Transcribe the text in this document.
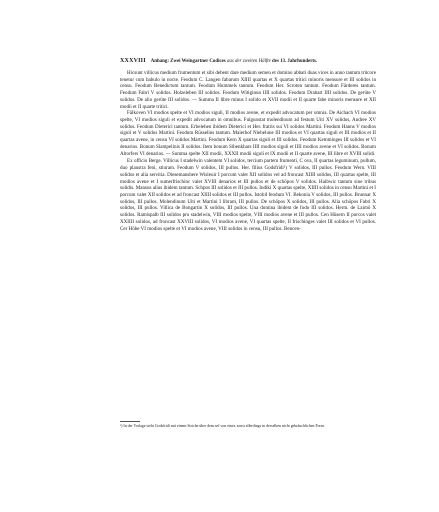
XXXVIII Anhang: Zwei Weingartner Codices aus der zweiten Hälfte des 13. Jahrhunderts.

Hicsunt villicus medium frumentum et sibi debent dare medium semen et domino abbati duas vices in anno tantum tritcore tenetur cum babulo in nocte. Feodum C. Langen fabarum XIIII quartas et X quartas tritici minoris mensure et III solidos in censu. Feodum Benedictum tantum. Feodum Hummels tantum. Feodum Her. Scroten tantum. Feodum Färderes tantum. Feodum Fabri V solidos. Holzeleben III solidos. Feodum Witiginun IIII solidos. Feodum Drabart IIII solidos. De gerüte V solidos. De alio gerüte III solidos. — Summa II libre minus I solido et XVII modii et II quarte fabe minoris mensure et XII modii et II quarte tritici.

Fälkoven VI modios spelte et VI modios siguli, II modios avene, et expedit advocatum per omnia. De Aichach VI modios spelte, VI modios siguli et expedit advocatum in omnibus. Fulgunstat molendinum ad festum Uiti XV solidos, Andree XV solidos. Feodum Dieterici tantum. Erbelehen ibidem Dieterici et Her. fratris sui VI solidos Martini. Feodum Hanns V modios siguli et V solidos Martini. Feodum Rüsselins tantum. Maierhof Niebelune III modios et VI quartas siguli et III modios et II quartas avene, in censu VI solidos Martini. Feodum Kern X quartas siguli et III solidos. Feodum Kemminges III solidos et VI denarios. Bonum Slampelinis II solidos. Item bonum Sibenkhars IIII modios siguli et IIII modios avene et VI solidos. Bonum Altorfers VI denarios. — Summa spelte XII modii, XXXII modii siguli et IX modii et II quarte avene, III libre et XVIII solidi.

Ex officio Berge. Villicus I stadelwin valentem VI solidos, tercium partem frumenti, C ova, II quartas leguminum, pullum, duo plaustra feni, stiuram. Feodum V solidos, III pullos. Her. filius Godsfridi¹) V solidos, III pullos. Feodum Wern. VIII solidos et alia servitia. Diesemansbere Wisleuir I porcum valet XII solidos vel ad froncast XIIII solidos, III quartas spelte, III modios avene et I sumerfrischinc valet XVIII denarios et III pullos et de schöpos V solidos. Haibwic tantum sine tribus solidis. Mansus alius ibidem tantum. Schpos III solidos et III pullos. Indiki X quartas spelte, XIIII solidos in censu Martini et I porcum valet XII solidos et ad froncast XIIII solidos et III pullos. Istobil feodum VI. Bekonia V solidos, III pullos. Brunnar X solidos, III pullos. Molendinum Uiti et Martini I libram, III pullos. De schöpos X solidos, III pullos. Alia schöpos Fabri X solidos, III pullos. Villica de Bongartin X solidos, III pullos. Una domina ibidem de fodo III solidos. Herm. de Laimō X solidos. Ramispalb III solidos pro stadelwin, VIII modios spelte, VIII modios avene et III pullos. Cen Hüsern II porcos valet XXIIII solidos, ad froncast XXVIII solidos, VI modios avene, VI quartas spelte, II frischinges valet III solidos et VI pullos. Cer Höbe VI modios spelte et VI modios avene, VIII solidos in censu, III pullos. Bencen-

¹) In der Vorlage steht Godsfridi mit einem Striche über dem sef von einer, sonst allerdings in derselben nicht gebräuchlichen Form.
